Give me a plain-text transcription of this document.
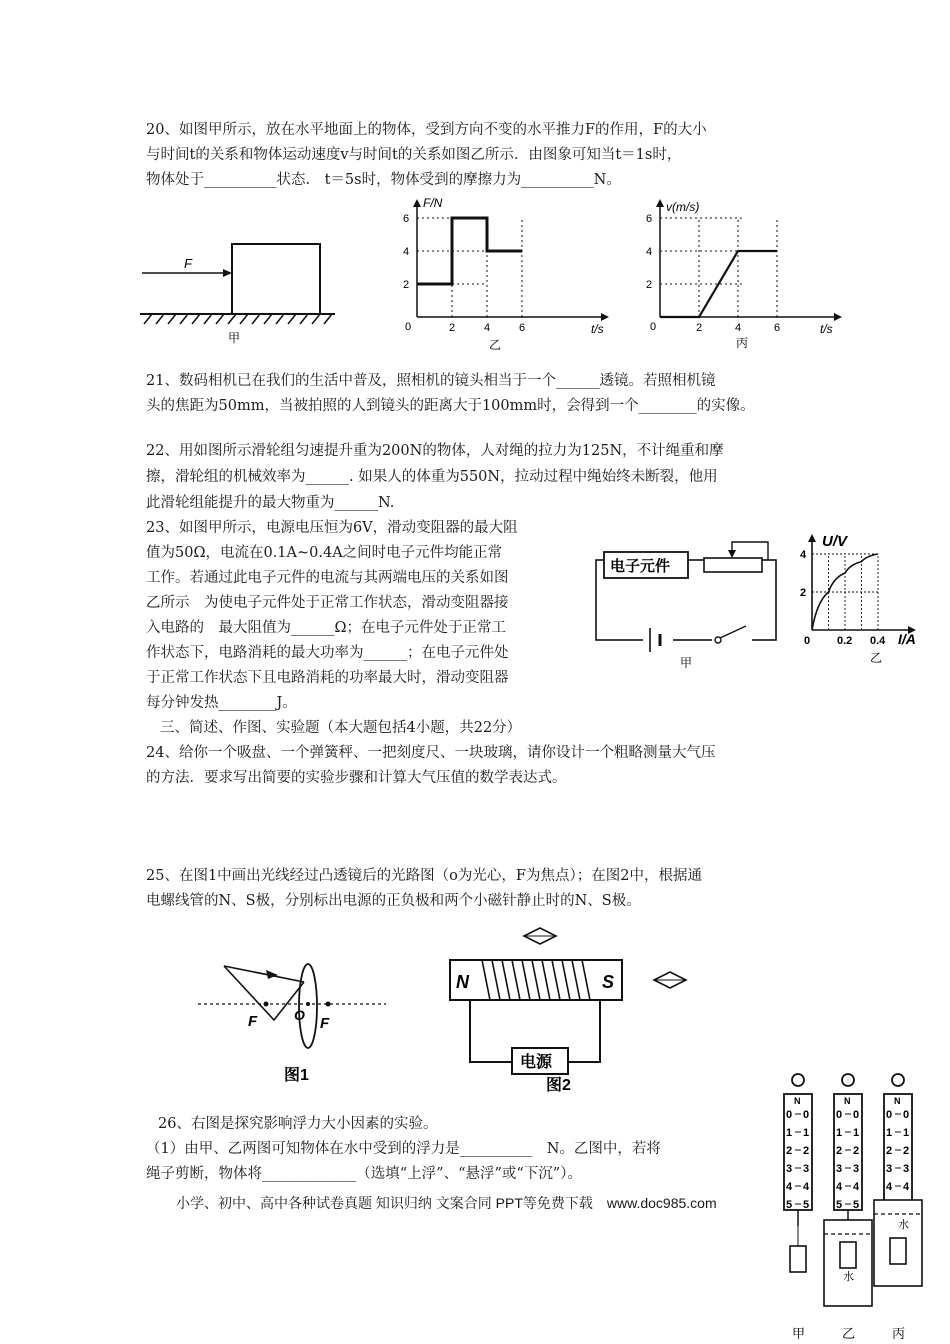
20、如图甲所示，放在水平地面上的物体，受到方向不变的水平推力F的作用，F的大小
与时间t的关系和物体运动速度v与时间t的关系如图乙所示．由图象可知当t＝1s时，
物体处于__________状态.　t＝5s时，物体受到的摩擦力为__________N。
F
甲
2
4
6
2	4	6
F/N
t/s
0
乙
2
4
6
2	4	6
v(m/s)
t/s
0
丙
21、数码相机已在我们的生活中普及，照相机的镜头相当于一个______透镜。若照相机镜
头的焦距为50mm，当被拍照的人到镜头的距离大于100mm时，会得到一个________的实像。
22、用如图所示滑轮组匀速提升重为200N的物体，人对绳的拉力为125N，不计绳重和摩
擦，滑轮组的机械效率为______. 如果人的体重为550N，拉动过程中绳始终未断裂，他用
此滑轮组能提升的最大物重为______N.
23、如图甲所示，电源电压恒为6V，滑动变阻器的最大阻
值为50Ω，电流在0.1A~0.4A之间时电子元件均能正常
工作。若通过此电子元件的电流与其两端电压的关系如图
乙所示　为使电子元件处于正常工作状态，滑动变阻器接
入电路的　最大阻值为______Ω；在电子元件处于正常工
作状态下，电路消耗的最大功率为______；在电子元件处
于正常工作状态下且电路消耗的功率最大时，滑动变阻器
每分钟发热________J。
电子元件
甲
2
4
0.2 0.4
U/V
I/A
0
乙
三、简述、作图、实验题（本大题包括4小题，共22分）
24、给你一个吸盘、一个弹簧秤、一把刻度尺、一块玻璃，请你设计一个粗略测量大气压
的方法．要求写出简要的实验步骤和计算大气压值的数学表达式。
25、在图1中画出光线经过凸透镜后的光路图（o为光心，F为焦点）；在图2中，根据通
电螺线管的N、S极，分别标出电源的正负极和两个小磁针静止时的N、S极。
F	O F
图1
N	S
电源
图2
26、右图是探究影响浮力大小因素的实验。
（1）由甲、乙两图可知物体在水中受到的浮力是__________　N。乙图中，若将
绳子剪断，物体将_____________（选填“上浮”、“悬浮”或“下沉”）。
小学、初中、高中各种试卷真题 知识归纳 文案合同 PPT等免费下载　www.doc985.com
N
0 0
1 1
2 2
3 3
4 4
5 5
甲
N
0 0
1 1
2 2
3 3
4 4
5 5
水
乙
N
0 0
1 1
2 2
3 3
4 4
水
丙
